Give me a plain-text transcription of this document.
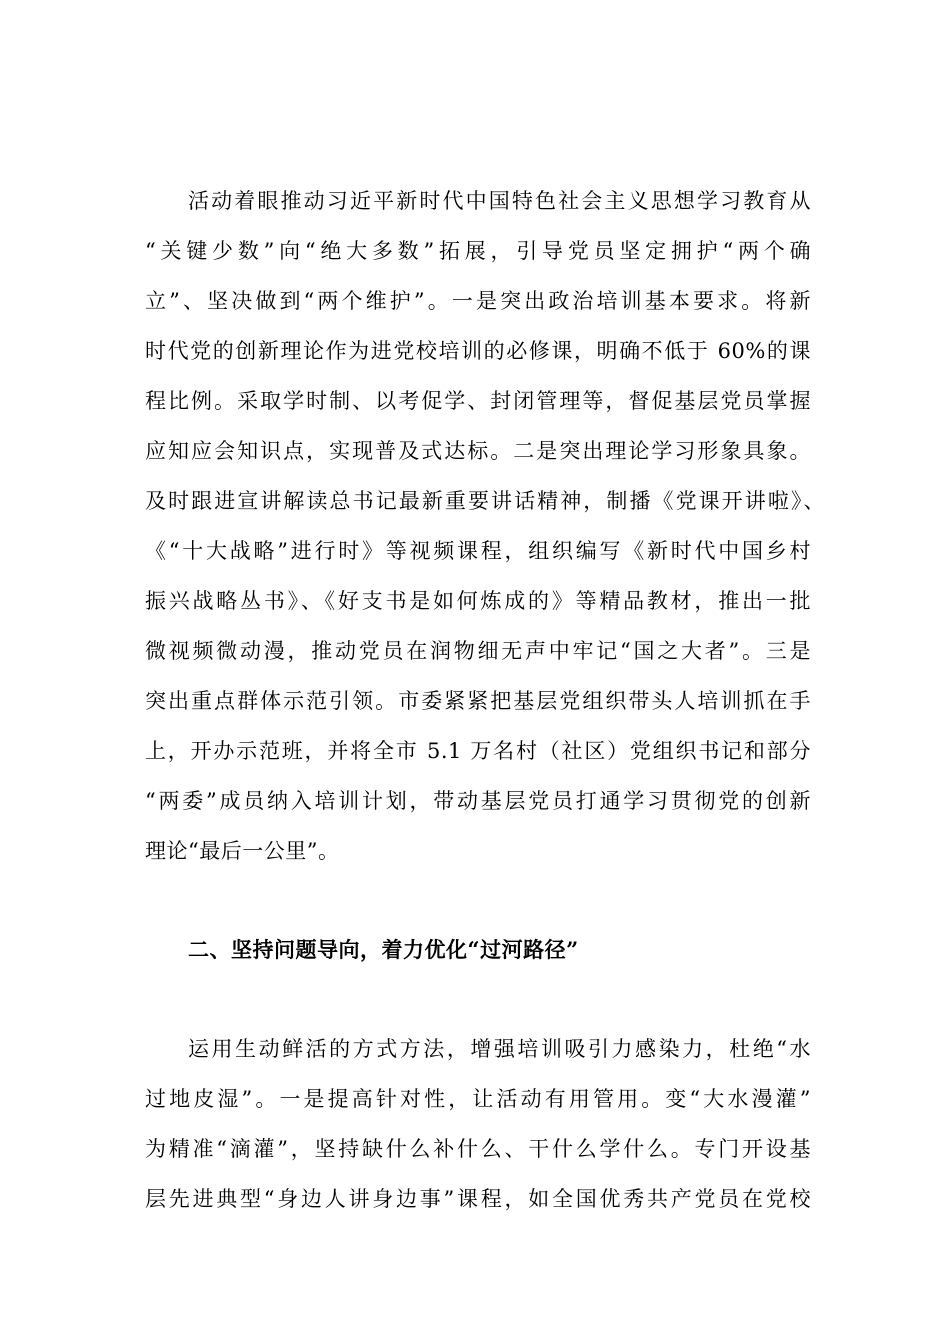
活动着眼推动习近平新时代中国特色社会主义思想学习教育从
“关键少数”向“绝大多数”拓展，引导党员坚定拥护“两个确
立”、坚决做到“两个维护”。一是突出政治培训基本要求。将新
时代党的创新理论作为进党校培训的必修课，明确不低于 60%的课
程比例。采取学时制、以考促学、封闭管理等，督促基层党员掌握
应知应会知识点，实现普及式达标。二是突出理论学习形象具象。
及时跟进宣讲解读总书记最新重要讲话精神，制播《党课开讲啦》、
《“十大战略”进行时》等视频课程，组织编写《新时代中国乡村
振兴战略丛书》、《好支书是如何炼成的》等精品教材，推出一批
微视频微动漫，推动党员在润物细无声中牢记“国之大者”。三是
突出重点群体示范引领。市委紧紧把基层党组织带头人培训抓在手
上，开办示范班，并将全市 5.1 万名村（社区）党组织书记和部分
“两委”成员纳入培训计划，带动基层党员打通学习贯彻党的创新
理论“最后一公里”。
二、坚持问题导向，着力优化“过河路径”
运用生动鲜活的方式方法，增强培训吸引力感染力，杜绝“水
过地皮湿”。一是提高针对性，让活动有用管用。变“大水漫灌”
为精准“滴灌”，坚持缺什么补什么、干什么学什么。专门开设基
层先进典型“身边人讲身边事”课程，如全国优秀共产党员在党校
